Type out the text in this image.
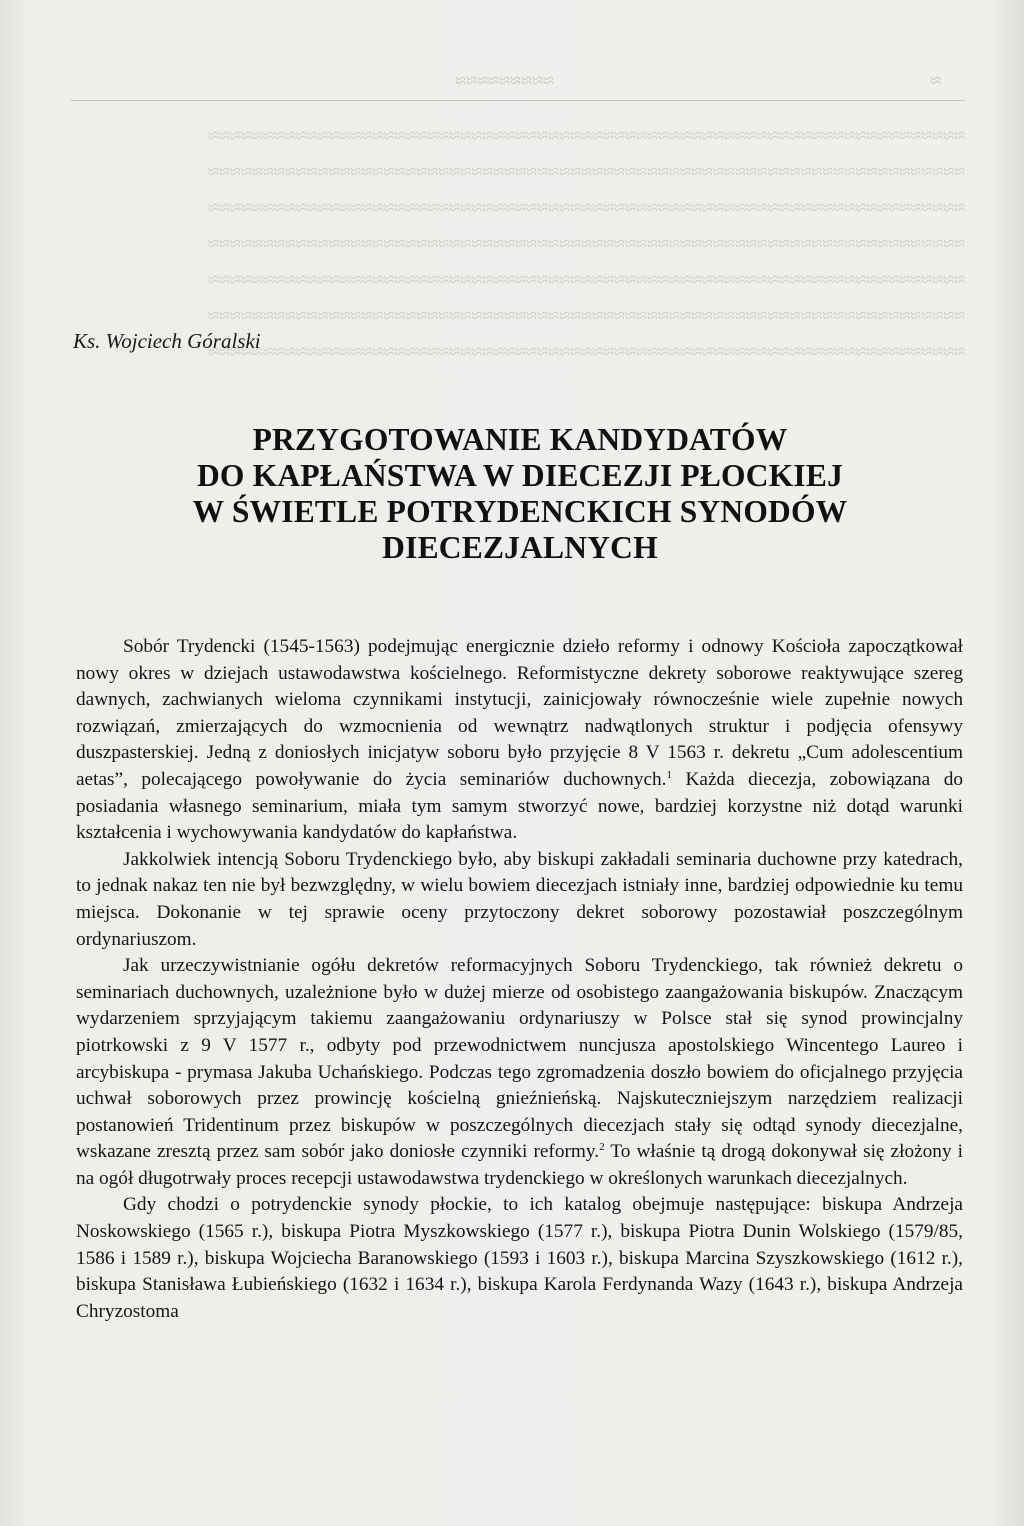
≈≈≈≈≈≈≈≈≈	≈
≈≈≈≈≈≈≈≈≈≈≈≈≈≈≈≈≈≈≈≈≈≈≈≈≈≈≈≈≈≈≈≈≈≈≈≈≈≈≈≈≈≈≈≈≈≈≈≈≈≈≈≈≈≈≈≈≈≈≈≈≈≈≈≈≈≈≈≈≈
≈≈≈≈≈≈≈≈≈≈≈≈≈≈≈≈≈≈≈≈≈≈≈≈≈≈≈≈≈≈≈≈≈≈≈≈≈≈≈≈≈≈≈≈≈≈≈≈≈≈≈≈≈≈≈≈≈≈≈≈≈≈≈≈≈≈≈≈≈
≈≈≈≈≈≈≈≈≈≈≈≈≈≈≈≈≈≈≈≈≈≈≈≈≈≈≈≈≈≈≈≈≈≈≈≈≈≈≈≈≈≈≈≈≈≈≈≈≈≈≈≈≈≈≈≈≈≈≈≈≈≈≈≈≈≈≈≈≈
≈≈≈≈≈≈≈≈≈≈≈≈≈≈≈≈≈≈≈≈≈≈≈≈≈≈≈≈≈≈≈≈≈≈≈≈≈≈≈≈≈≈≈≈≈≈≈≈≈≈≈≈≈≈≈≈≈≈≈≈≈≈≈≈≈≈≈≈≈
≈≈≈≈≈≈≈≈≈≈≈≈≈≈≈≈≈≈≈≈≈≈≈≈≈≈≈≈≈≈≈≈≈≈≈≈≈≈≈≈≈≈≈≈≈≈≈≈≈≈≈≈≈≈≈≈≈≈≈≈≈≈≈≈≈≈≈≈≈
≈≈≈≈≈≈≈≈≈≈≈≈≈≈≈≈≈≈≈≈≈≈≈≈≈≈≈≈≈≈≈≈≈≈≈≈≈≈≈≈≈≈≈≈≈≈≈≈≈≈≈≈≈≈≈≈≈≈≈≈≈≈≈≈≈≈≈≈≈
≈≈≈≈≈≈≈≈≈≈≈≈≈≈≈≈≈≈≈≈≈≈≈≈≈≈≈≈≈≈≈≈≈≈≈≈≈≈≈≈≈≈≈≈≈≈≈≈≈≈≈≈≈≈≈≈≈≈≈≈≈≈≈≈≈≈≈≈≈
Ks. Wojciech Góralski
PRZYGOTOWANIE KANDYDATÓW
DO KAPŁAŃSTWA W DIECEZJI PŁOCKIEJ
W ŚWIETLE POTRYDENCKICH SYNODÓW
DIECEZJALNYCH

Sobór Trydencki (1545-1563) podejmując energicznie dzieło reformy i odnowy Kościoła zapoczątkował nowy okres w dziejach ustawodawstwa kościelnego. Reformistyczne dekrety soborowe reaktywujące szereg dawnych, zachwianych wieloma czynnikami instytucji, zainicjowały równocześnie wiele zupełnie nowych rozwiązań, zmierzających do wzmocnienia od wewnątrz nadwątlonych struktur i podjęcia ofensywy duszpasterskiej. Jedną z doniosłych inicjatyw soboru było przyjęcie 8 V 1563 r. dekretu „Cum adolescentium aetas”, polecającego powoływanie do życia seminariów duchownych.$^1$ Każda diecezja, zobowiązana do posiadania własnego seminarium, miała tym samym stworzyć nowe, bardziej korzystne niż dotąd warunki kształcenia i wychowywania kandydatów do kapłaństwa.

Jakkolwiek intencją Soboru Trydenckiego było, aby biskupi zakładali seminaria duchowne przy katedrach, to jednak nakaz ten nie był bezwzględny, w wielu bowiem diecezjach istniały inne, bardziej odpowiednie ku temu miejsca. Dokonanie w tej sprawie oceny przytoczony dekret soborowy pozostawiał poszczególnym ordynariuszom.

Jak urzeczywistnianie ogółu dekretów reformacyjnych Soboru Trydenckiego, tak również dekretu o seminariach duchownych, uzależnione było w dużej mierze od osobistego zaangażowania biskupów. Znaczącym wydarzeniem sprzyjającym takiemu zaangażowaniu ordynariuszy w Polsce stał się synod prowincjalny piotrkowski z 9 V 1577 r., odbyty pod przewodnictwem nuncjusza apostolskiego Wincentego Laureo i arcybiskupa - prymasa Jakuba Uchańskiego. Podczas tego zgromadzenia doszło bowiem do oficjalnego przyjęcia uchwał soborowych przez prowincję kościelną gnieźnieńską. Najskuteczniejszym narzędziem realizacji postanowień Tridentinum przez biskupów w poszczególnych diecezjach stały się odtąd synody diecezjalne, wskazane zresztą przez sam sobór jako doniosłe czynniki reformy.$^2$ To właśnie tą drogą dokonywał się złożony i na ogół długotrwały proces recepcji ustawodawstwa trydenckiego w określonych warunkach diecezjalnych.

Gdy chodzi o potrydenckie synody płockie, to ich katalog obejmuje następujące: biskupa Andrzeja Noskowskiego (1565 r.), biskupa Piotra Myszkowskiego (1577 r.), biskupa Piotra Dunin Wolskiego (1579/85, 1586 i 1589 r.), biskupa Wojciecha Baranowskiego (1593 i 1603 r.), biskupa Marcina Szyszkowskiego (1612 r.), biskupa Stanisława Łubieńskiego (1632 i 1634 r.), biskupa Karola Ferdynanda Wazy (1643 r.), biskupa Andrzeja Chryzostoma
